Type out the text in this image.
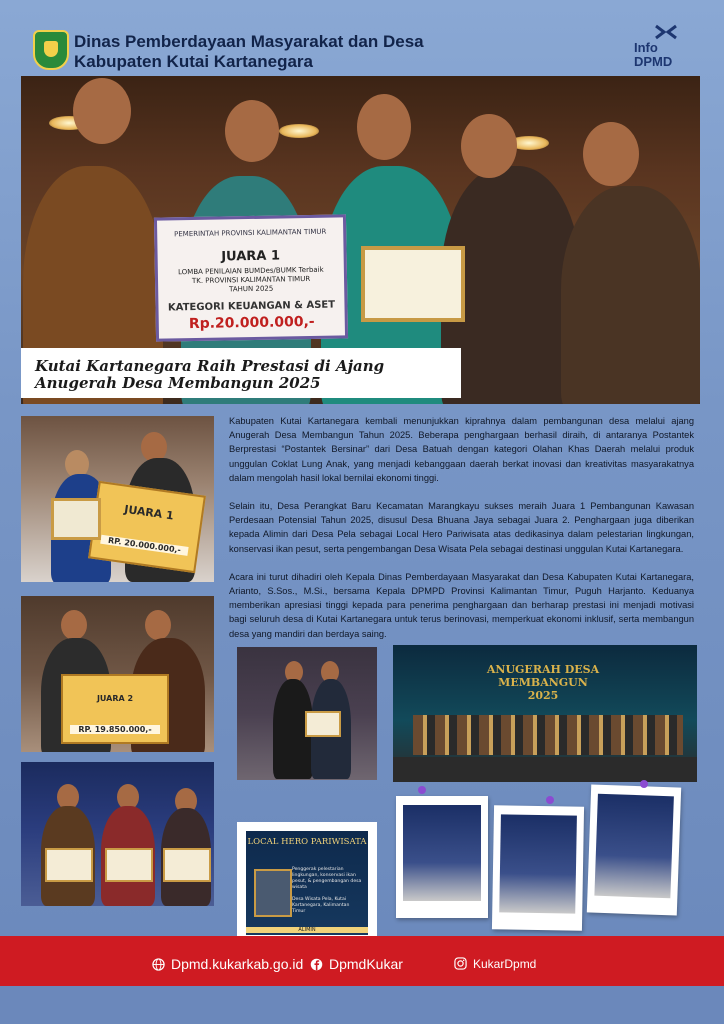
Dinas Pemberdayaan Masyarakat dan Desa
Kabupaten Kutai Kartanegara
Info
DPMD
PEMERINTAH PROVINSI KALIMANTAN TIMUR
JUARA 1
LOMBA PENILAIAN BUMDes/BUMK Terbaik
TK. PROVINSI KALIMANTAN TIMUR
TAHUN 2025
KATEGORI KEUANGAN & ASET
Rp.20.000.000,-
Kutai Kartanegara Raih Prestasi di Ajang
Anugerah Desa Membangun 2025
JUARA 1
RP. 20.000.000,-
JUARA 2
RP. 19.850.000,-

Kabupaten Kutai Kartanegara kembali menunjukkan kiprahnya dalam pembangunan desa melalui ajang Anugerah Desa Membangun Tahun 2025. Beberapa penghargaan berhasil diraih, di antaranya Postantek Berprestasi “Postantek Bersinar” dari Desa Batuah dengan kategori Olahan Khas Daerah melalui produk unggulan Coklat Lung Anak, yang menjadi kebanggaan daerah berkat inovasi dan kreativitas masyarakatnya dalam mengolah hasil lokal bernilai ekonomi tinggi.

Selain itu, Desa Perangkat Baru Kecamatan Marangkayu sukses meraih Juara 1 Pembangunan Kawasan Perdesaan Potensial Tahun 2025, disusul Desa Bhuana Jaya sebagai Juara 2. Penghargaan juga diberikan kepada Alimin dari Desa Pela sebagai Local Hero Pariwisata atas dedikasinya dalam pelestarian lingkungan, konservasi ikan pesut, serta pengembangan Desa Wisata Pela sebagai destinasi unggulan Kutai Kartanegara.

Acara ini turut dihadiri oleh Kepala Dinas Pemberdayaan Masyarakat dan Desa Kabupaten Kutai Kartanegara, Arianto, S.Sos., M.Si., bersama Kepala DPMPD Provinsi Kalimantan Timur, Puguh Harjanto. Keduanya memberikan apresiasi tinggi kepada para penerima penghargaan dan berharap prestasi ini menjadi motivasi bagi seluruh desa di Kutai Kartanegara untuk terus berinovasi, memperkuat ekonomi inklusif, serta membangun desa yang mandiri dan berdaya saing.

ANUGERAH DESA MEMBANGUN 2025
LOCAL HERO PARIWISATA
Penggerak pelestarian lingkungan, konservasi ikan pesut, & pengembangan desa wisata
Desa Wisata Pela, Kutai Kartanegara, Kalimantan Timur
ALIMIN
Dpmd.kukarkab.go.id	DpmdKukar	KukarDpmd
